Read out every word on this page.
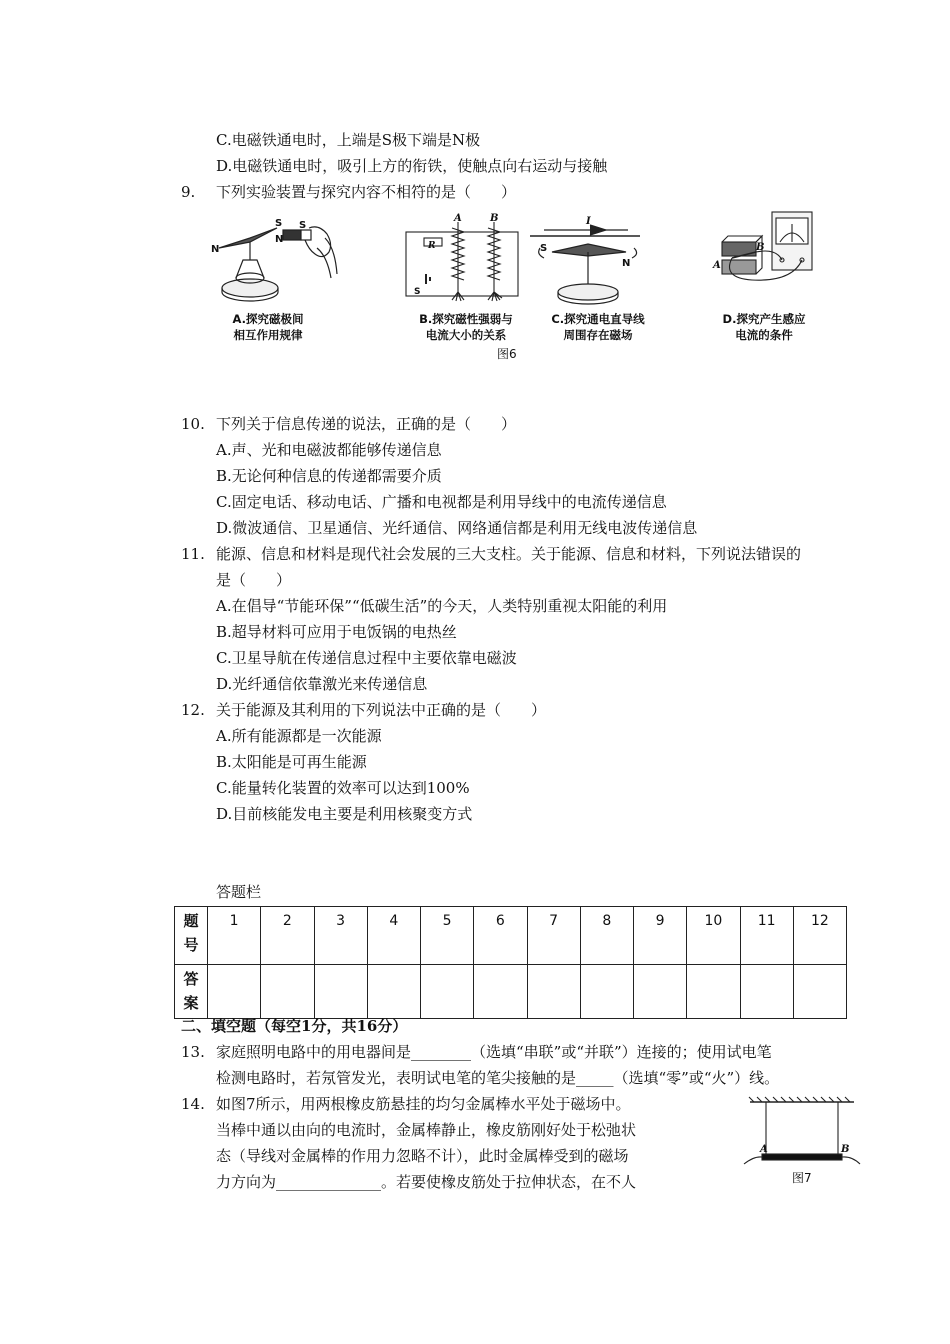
C.电磁铁通电时，上端是S极下端是N极
D.电磁铁通电时，吸引上方的衔铁，使触点向右运动与接触
9. 下列实验装置与探究内容不相符的是（　　）
N
S S
N
A	B
R
S
I
S
N	A
B
A.探究磁极间
相互作用规律
B.探究磁性强弱与
电流大小的关系
C.探究通电直导线
周围存在磁场
D.探究产生感应
电流的条件
图6
10. 下列关于信息传递的说法，正确的是（　　）
A.声、光和电磁波都能够传递信息
B.无论何种信息的传递都需要介质
C.固定电话、移动电话、广播和电视都是利用导线中的电流传递信息
D.微波通信、卫星通信、光纤通信、网络通信都是利用无线电波传递信息
11. 能源、信息和材料是现代社会发展的三大支柱。关于能源、信息和材料，下列说法错误的
是（　　）
A.在倡导“节能环保”“低碳生活”的今天，人类特别重视太阳能的利用
B.超导材料可应用于电饭锅的电热丝
C.卫星导航在传递信息过程中主要依靠电磁波
D.光纤通信依靠激光来传递信息
12. 关于能源及其利用的下列说法中正确的是（　　）
A.所有能源都是一次能源
B.太阳能是可再生能源
C.能量转化装置的效率可以达到100%
D.目前核能发电主要是利用核聚变方式
答题栏
题
号	1	2	3	4	5	6	7	8	9	10	11	12

答
案												

二、填空题（每空1分，共16分）
13. 家庭照明电路中的用电器间是________（选填“串联”或“并联”）连接的；使用试电笔
检测电路时，若氖管发光，表明试电笔的笔尖接触的是_____（选填“零”或“火”）线。
14. 如图7所示，用两根橡皮筋悬挂的均匀金属棒水平处于磁场中。
当棒中通以由向的电流时，金属棒静止，橡皮筋刚好处于松弛状
态（导线对金属棒的作用力忽略不计），此时金属棒受到的磁场
力方向为______________。若要使橡皮筋处于拉伸状态，在不人
A	B
图7
